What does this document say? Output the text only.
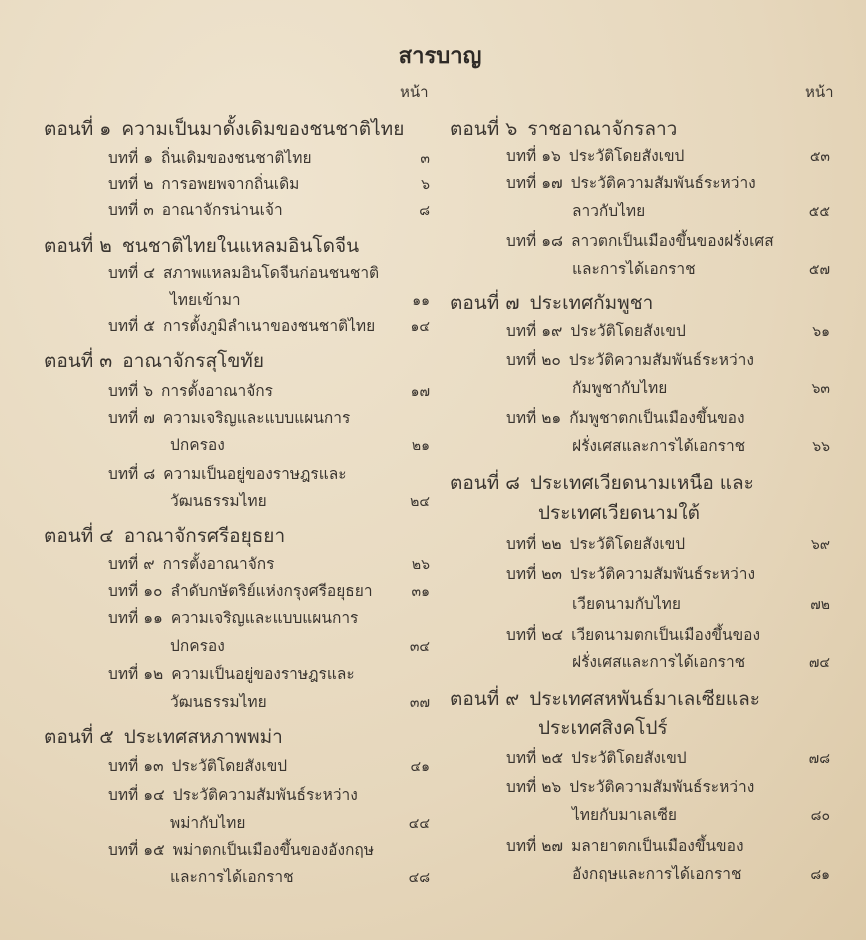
สารบาญ
หน้า
ตอนที่ ๑ ความเป็นมาดั้งเดิมของชนชาติไทย
บทที่ ๑ ถิ่นเดิมของชนชาติไทย	๓
บทที่ ๒ การอพยพจากถิ่นเดิม	๖
บทที่ ๓ อาณาจักรน่านเจ้า	๘
ตอนที่ ๒ ชนชาติไทยในแหลมอินโดจีน
บทที่ ๔ สภาพแหลมอินโดจีนก่อนชนชาติ
ไทยเข้ามา	๑๑
บทที่ ๕ การตั้งภูมิลำเนาของชนชาติไทย	๑๔
ตอนที่ ๓ อาณาจักรสุโขทัย
บทที่ ๖ การตั้งอาณาจักร	๑๗
บทที่ ๗ ความเจริญและแบบแผนการ
ปกครอง	๒๑
บทที่ ๘ ความเป็นอยู่ของราษฎรและ
วัฒนธรรมไทย	๒๔
ตอนที่ ๔ อาณาจักรศรีอยุธยา
บทที่ ๙ การตั้งอาณาจักร	๒๖
บทที่ ๑๐ ลำดับกษัตริย์แห่งกรุงศรีอยุธยา	๓๑
บทที่ ๑๑ ความเจริญและแบบแผนการ
ปกครอง	๓๔
บทที่ ๑๒ ความเป็นอยู่ของราษฎรและ
วัฒนธรรมไทย	๓๗
ตอนที่ ๕ ประเทศสหภาพพม่า
บทที่ ๑๓ ประวัติโดยสังเขป	๔๑
บทที่ ๑๔ ประวัติความสัมพันธ์ระหว่าง
พม่ากับไทย	๔๔
บทที่ ๑๕ พม่าตกเป็นเมืองขึ้นของอังกฤษ
และการได้เอกราช	๔๘
หน้า
ตอนที่ ๖ ราชอาณาจักรลาว
บทที่ ๑๖ ประวัติโดยสังเขป	๕๓
บทที่ ๑๗ ประวัติความสัมพันธ์ระหว่าง
ลาวกับไทย	๕๕
บทที่ ๑๘ ลาวตกเป็นเมืองขึ้นของฝรั่งเศส
และการได้เอกราช	๕๗
ตอนที่ ๗ ประเทศกัมพูชา
บทที่ ๑๙ ประวัติโดยสังเขป	๖๑
บทที่ ๒๐ ประวัติความสัมพันธ์ระหว่าง
กัมพูชากับไทย	๖๓
บทที่ ๒๑ กัมพูชาตกเป็นเมืองขึ้นของ
ฝรั่งเศสและการได้เอกราช	๖๖
ตอนที่ ๘ ประเทศเวียดนามเหนือ และ
ประเทศเวียดนามใต้
บทที่ ๒๒ ประวัติโดยสังเขป	๖๙
บทที่ ๒๓ ประวัติความสัมพันธ์ระหว่าง
เวียดนามกับไทย	๗๒
บทที่ ๒๔ เวียดนามตกเป็นเมืองขึ้นของ
ฝรั่งเศสและการได้เอกราช	๗๔
ตอนที่ ๙ ประเทศสหพันธ์มาเลเซียและ
ประเทศสิงคโปร์
บทที่ ๒๕ ประวัติโดยสังเขป	๗๘
บทที่ ๒๖ ประวัติความสัมพันธ์ระหว่าง
ไทยกับมาเลเซีย	๘๐
บทที่ ๒๗ มลายาตกเป็นเมืองขึ้นของ
อังกฤษและการได้เอกราช	๘๑
